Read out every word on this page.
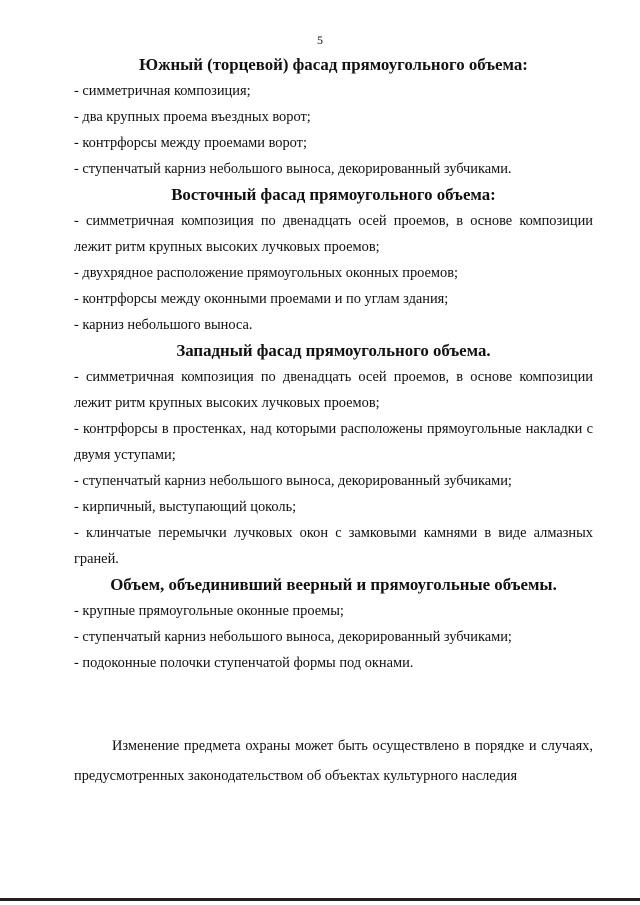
5
Южный (торцевой) фасад прямоугольного объема:

- симметричная композиция;

- два крупных проема въездных ворот;

- контрфорсы между проемами ворот;

- ступенчатый карниз небольшого выноса, декорированный зубчиками.

Восточный фасад прямоугольного объема:

- симметричная композиция по двенадцать осей проемов, в основе композиции лежит ритм крупных высоких лучковых проемов;

- двухрядное расположение прямоугольных оконных проемов;

- контрфорсы между оконными проемами и по углам здания;

- карниз небольшого выноса.

Западный фасад прямоугольного объема.

- симметричная композиция по двенадцать осей проемов, в основе композиции лежит ритм крупных высоких лучковых проемов;

- контрфорсы в простенках, над которыми расположены прямоугольные накладки с двумя уступами;

- ступенчатый карниз небольшого выноса, декорированный зубчиками;

- кирпичный, выступающий цоколь;

- клинчатые перемычки лучковых окон с замковыми камнями в виде алмазных граней.

Объем, объединивший веерный и прямоугольные объемы.

- крупные прямоугольные оконные проемы;

- ступенчатый карниз небольшого выноса, декорированный зубчиками;

- подоконные полочки ступенчатой формы под окнами.

Изменение предмета охраны может быть осуществлено в порядке и случаях, предусмотренных законодательством об объектах культурного наследия
